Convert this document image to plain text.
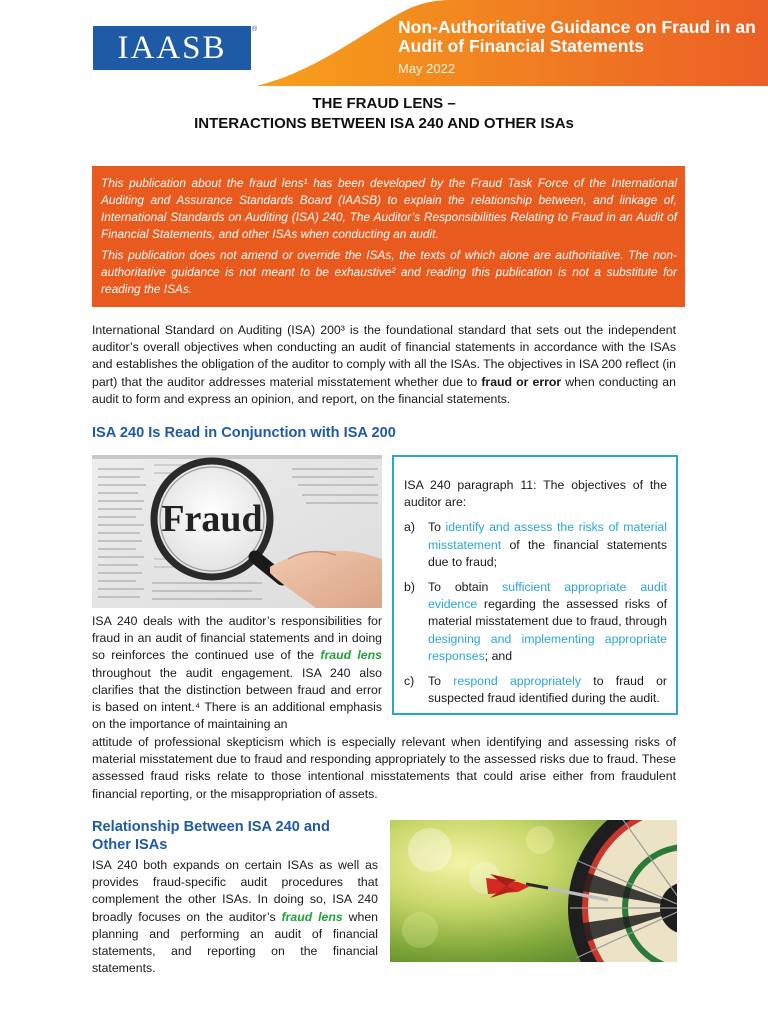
IAASB	®	Non-Authoritative Guidance on Fraud in an Audit of Financial Statements
May 2022
THE FRAUD LENS –
INTERACTIONS BETWEEN ISA 240 AND OTHER ISAs

This publication about the fraud lens¹ has been developed by the Fraud Task Force of the International Auditing and Assurance Standards Board (IAASB) to explain the relationship between, and linkage of, International Standards on Auditing (ISA) 240, The Auditor’s Responsibilities Relating to Fraud in an Audit of Financial Statements, and other ISAs when conducting an audit.

This publication does not amend or override the ISAs, the texts of which alone are authoritative. The non-authoritative guidance is not meant to be exhaustive² and reading this publication is not a substitute for reading the ISAs.

International Standard on Auditing (ISA) 200³ is the foundational standard that sets out the independent auditor’s overall objectives when conducting an audit of financial statements in accordance with the ISAs and establishes the obligation of the auditor to comply with all the ISAs. The objectives in ISA 200 reflect (in part) that the auditor addresses material misstatement whether due to fraud or error when conducting an audit to form and express an opinion, and report, on the financial statements.
ISA 240 Is Read in Conjunction with ISA 200
Fraud
ISA 240 paragraph 11: The objectives of the auditor are:
a)	To identify and assess the risks of material misstatement of the financial statements due to fraud;
b)	To obtain sufficient appropriate audit evidence regarding the assessed risks of material misstatement due to fraud, through designing and implementing appropriate responses; and
c)	To respond appropriately to fraud or suspected fraud identified during the audit.
ISA 240 deals with the auditor’s responsibilities for fraud in an audit of financial statements and in doing so reinforces the continued use of the fraud lens throughout the audit engagement. ISA 240 also clarifies that the distinction between fraud and error is based on intent.⁴ There is an additional emphasis on the importance of maintaining an
attitude of professional skepticism which is especially relevant when identifying and assessing risks of material misstatement due to fraud and responding appropriately to the assessed risks due to fraud. These assessed fraud risks relate to those intentional misstatements that could arise either from fraudulent financial reporting, or the misappropriation of assets.
Relationship Between ISA 240 and Other ISAs
ISA 240 both expands on certain ISAs as well as provides fraud-specific audit procedures that complement the other ISAs. In doing so, ISA 240 broadly focuses on the auditor’s fraud lens when planning and performing an audit of financial statements, and reporting on the financial statements.
